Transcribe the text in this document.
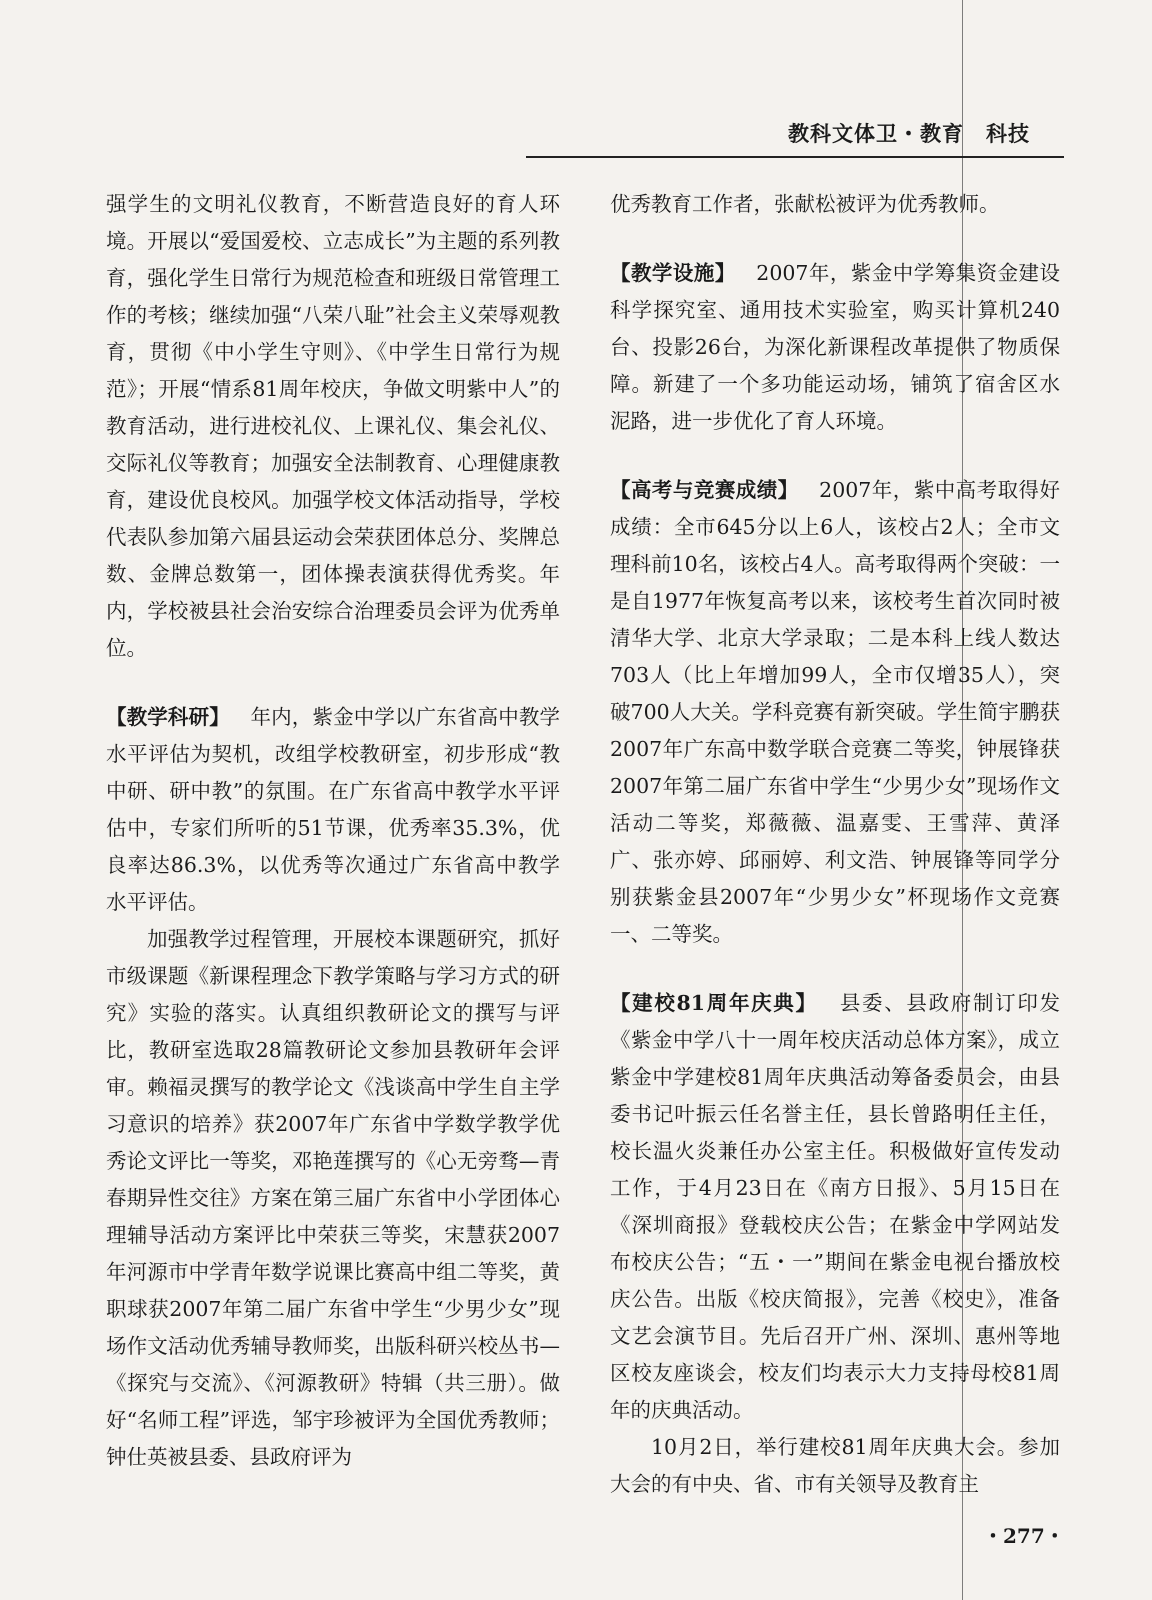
教科文体卫・教育　科技

强学生的文明礼仪教育，不断营造良好的育人环境。开展以“爱国爱校、立志成长”为主题的系列教育，强化学生日常行为规范检查和班级日常管理工作的考核；继续加强“八荣八耻”社会主义荣辱观教育，贯彻《中小学生守则》、《中学生日常行为规范》；开展“情系81周年校庆，争做文明紫中人”的教育活动，进行进校礼仪、上课礼仪、集会礼仪、交际礼仪等教育；加强安全法制教育、心理健康教育，建设优良校风。加强学校文体活动指导，学校代表队参加第六届县运动会荣获团体总分、奖牌总数、金牌总数第一，团体操表演获得优秀奖。年内，学校被县社会治安综合治理委员会评为优秀单位。

【教学科研】  年内，紫金中学以广东省高中教学水平评估为契机，改组学校教研室，初步形成“教中研、研中教”的氛围。在广东省高中教学水平评估中，专家们所听的51节课，优秀率35.3%，优良率达86.3%，以优秀等次通过广东省高中教学水平评估。

加强教学过程管理，开展校本课题研究，抓好市级课题《新课程理念下教学策略与学习方式的研究》实验的落实。认真组织教研论文的撰写与评比，教研室选取28篇教研论文参加县教研年会评审。赖福灵撰写的教学论文《浅谈高中学生自主学习意识的培养》获2007年广东省中学数学教学优秀论文评比一等奖，邓艳莲撰写的《心无旁骛—青春期异性交往》方案在第三届广东省中小学团体心理辅导活动方案评比中荣获三等奖，宋慧获2007年河源市中学青年数学说课比赛高中组二等奖，黄职球获2007年第二届广东省中学生“少男少女”现场作文活动优秀辅导教师奖，出版科研兴校丛书—《探究与交流》、《河源教研》特辑（共三册）。做好“名师工程”评选，邹宇珍被评为全国优秀教师；钟仕英被县委、县政府评为

优秀教育工作者，张献松被评为优秀教师。

【教学设施】  2007年，紫金中学筹集资金建设科学探究室、通用技术实验室，购买计算机240台、投影26台，为深化新课程改革提供了物质保障。新建了一个多功能运动场，铺筑了宿舍区水泥路，进一步优化了育人环境。

【高考与竞赛成绩】  2007年，紫中高考取得好成绩：全市645分以上6人，该校占2人；全市文理科前10名，该校占4人。高考取得两个突破：一是自1977年恢复高考以来，该校考生首次同时被清华大学、北京大学录取；二是本科上线人数达703人（比上年增加99人，全市仅增35人），突破700人大关。学科竞赛有新突破。学生简宇鹏获2007年广东高中数学联合竞赛二等奖，钟展锋获2007年第二届广东省中学生“少男少女”现场作文活动二等奖，郑薇薇、温嘉雯、王雪萍、黄泽广、张亦婷、邱丽婷、利文浩、钟展锋等同学分别获紫金县2007年“少男少女”杯现场作文竞赛一、二等奖。

【建校81周年庆典】  县委、县政府制订印发《紫金中学八十一周年校庆活动总体方案》，成立紫金中学建校81周年庆典活动筹备委员会，由县委书记叶振云任名誉主任，县长曾路明任主任，校长温火炎兼任办公室主任。积极做好宣传发动工作，于4月23日在《南方日报》、5月15日在《深圳商报》登载校庆公告；在紫金中学网站发布校庆公告；“五・一”期间在紫金电视台播放校庆公告。出版《校庆简报》，完善《校史》，准备文艺会演节目。先后召开广州、深圳、惠州等地区校友座谈会，校友们均表示大力支持母校81周年的庆典活动。

10月2日，举行建校81周年庆典大会。参加大会的有中央、省、市有关领导及教育主

・277・
